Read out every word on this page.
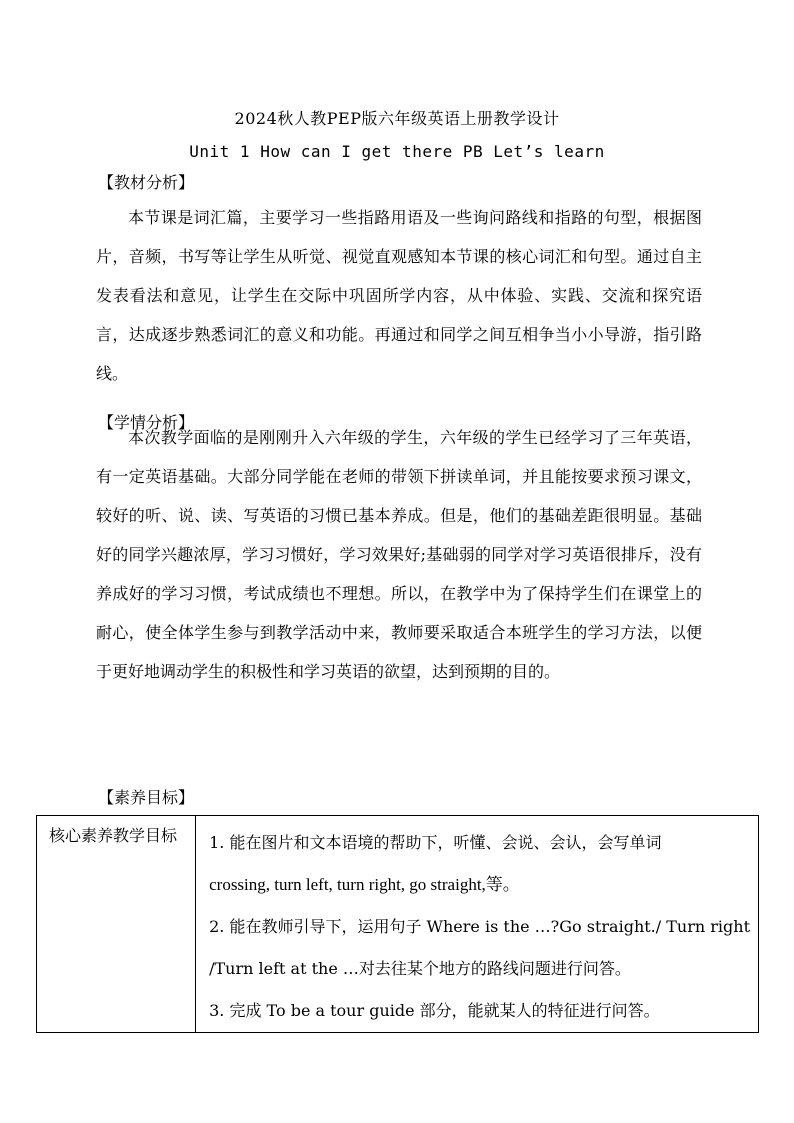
2024秋人教PEP版六年级英语上册教学设计
Unit 1 How can I get there PB Let’s learn
【教材分析】

本节课是词汇篇，主要学习一些指路用语及一些询问路线和指路的句型，根据图片，音频，书写等让学生从听觉、视觉直观感知本节课的核心词汇和句型。通过自主发表看法和意见，让学生在交际中巩固所学内容，从中体验、实践、交流和探究语言，达成逐步熟悉词汇的意义和功能。再通过和同学之间互相争当小小导游，指引路线。

【学情分析】

本次教学面临的是刚刚升入六年级的学生，六年级的学生已经学习了三年英语，有一定英语基础。大部分同学能在老师的带领下拼读单词，并且能按要求预习课文，较好的听、说、读、写英语的习惯已基本养成。但是，他们的基础差距很明显。基础好的同学兴趣浓厚，学习习惯好，学习效果好;基础弱的同学对学习英语很排斥，没有养成好的学习习惯，考试成绩也不理想。所以，在教学中为了保持学生们在课堂上的耐心，使全体学生参与到教学活动中来，教师要采取适合本班学生的学习方法，以便于更好地调动学生的积极性和学习英语的欲望，达到预期的目的。

【素养目标】
核心素养教学目标	1. 能在图片和文本语境的帮助下，听懂、会说、会认，会写单词
crossing, turn left, turn right, go straight,等。
2. 能在教师引导下，运用句子 Where is the …?Go straight./ Turn right
/Turn left at the …对去往某个地方的路线问题进行问答。
3. 完成 To be a tour guide 部分，能就某人的特征进行问答。
